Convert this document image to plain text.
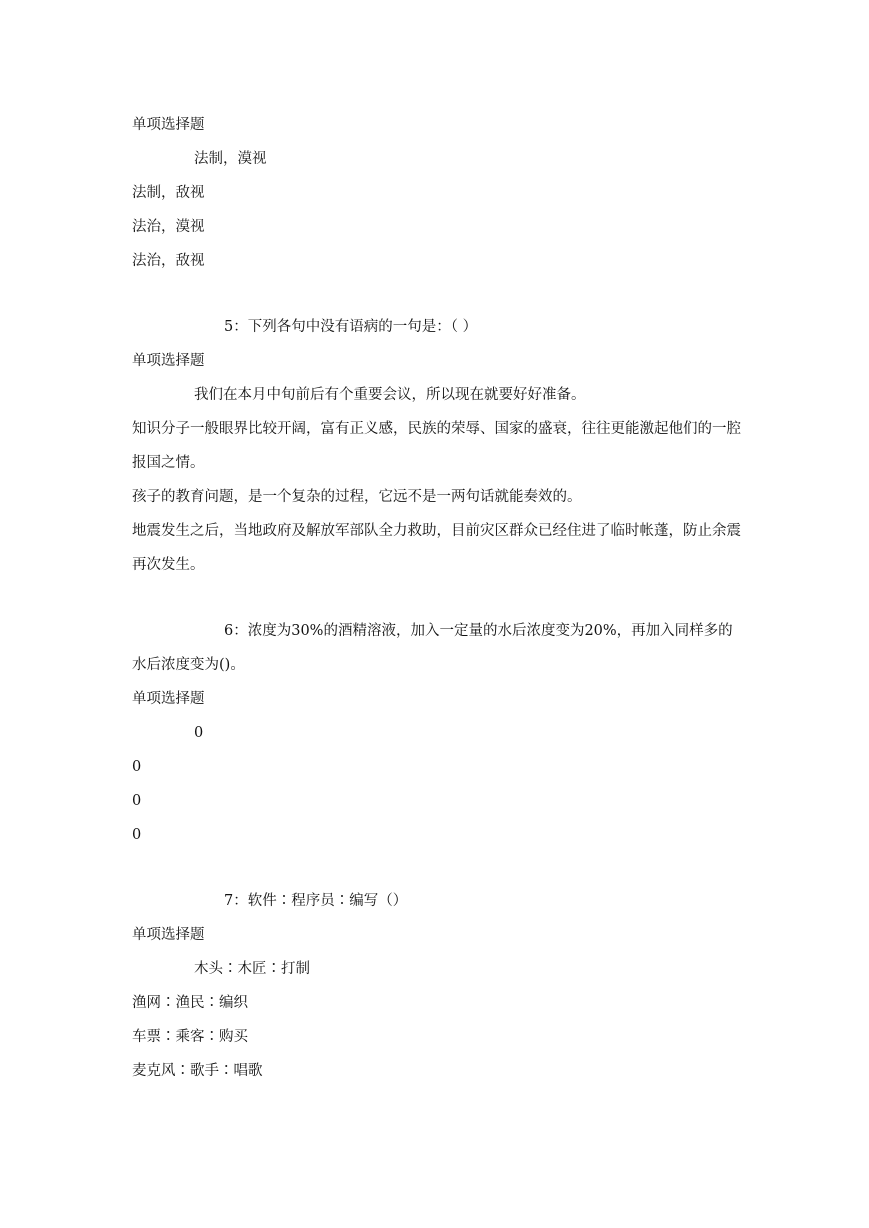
单项选择题
法制，漠视
法制，敌视
法治，漠视
法治，敌视
5：下列各句中没有语病的一句是：（ ）
单项选择题
我们在本月中旬前后有个重要会议，所以现在就要好好准备。
知识分子一般眼界比较开阔，富有正义感，民族的荣辱、国家的盛衰，往往更能激起他们的一腔报国之情。
孩子的教育问题，是一个复杂的过程，它远不是一两句话就能奏效的。
地震发生之后，当地政府及解放军部队全力救助，目前灾区群众已经住进了临时帐蓬，防止余震再次发生。
6：浓度为30%的酒精溶液，加入一定量的水后浓度变为20%，再加入同样多的水后浓度变为()。
单项选择题
0
0
0
0
7：软件∶程序员∶编写（）
单项选择题
木头∶木匠∶打制
渔网∶渔民∶编织
车票∶乘客∶购买
麦克风∶歌手∶唱歌
